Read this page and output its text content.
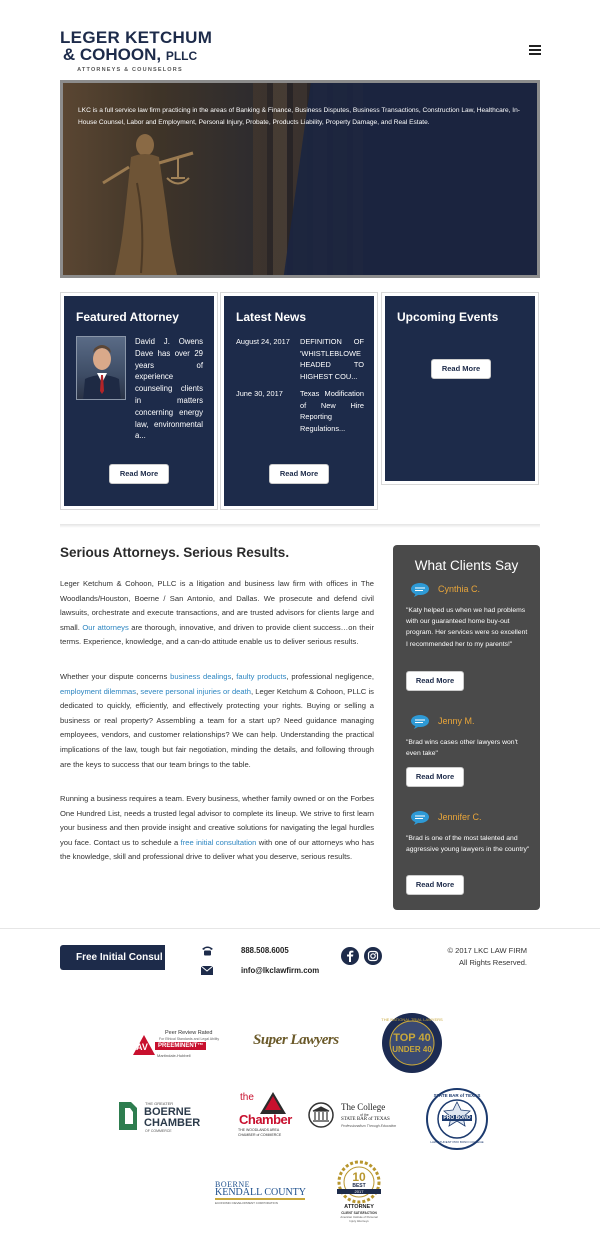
LEGER KETCHUM
& COHOON, PLLC
ATTORNEYS & COUNSELORS

LKC is a full service law firm practicing in the areas of Banking & Finance, Business Disputes, Business Transactions, Construction Law, Healthcare, In-House Counsel, Labor and Employment, Personal Injury, Probate, Products Liability, Property Damage, and Real Estate.

Featured Attorney
David J. Owens Dave has over 29 years of experience counseling clients in matters concerning energy law, environmental a...
Read More
Latest News
August 24, 2017 DEFINITION OF 'WHISTLEBLOWE HEADED TO HIGHEST COU...
June 30, 2017 Texas Modification of New Hire Reporting Regulations...
Read More
Upcoming Events
Read More
Serious Attorneys. Serious Results.

Leger Ketchum & Cohoon, PLLC is a litigation and business law firm with offices in The Woodlands/Houston, Boerne / San Antonio, and Dallas. We prosecute and defend civil lawsuits, orchestrate and execute transactions, and are trusted advisors for clients large and small. Our attorneys are thorough, innovative, and driven to provide client success…on their terms. Experience, knowledge, and a can-do attitude enable us to deliver serious results.

Whether your dispute concerns business dealings, faulty products, professional negligence, employment dilemmas, severe personal injuries or death, Leger Ketchum & Cohoon, PLLC is dedicated to quickly, efficiently, and effectively protecting your rights. Buying or selling a business or real property? Assembling a team for a start up? Need guidance managing employees, vendors, and customer relationships? We can help. Understanding the practical implications of the law, tough but fair negotiation, minding the details, and following through are the keys to success that our team brings to the table.

Running a business requires a team. Every business, whether family owned or on the Forbes One Hundred List, needs a trusted legal advisor to complete its lineup. We strive to first learn your business and then provide insight and creative solutions for navigating the legal hurdles you face. Contact us to schedule a free initial consultation with one of our attorneys who has the knowledge, skill and professional drive to deliver what you deserve, serious results.

What Clients Say
Cynthia C.
"Katy helped us when we had problems with our guaranteed home buy-out program. Her services were so excellent I recommended her to my parents!"
Read More
Jenny M.
"Brad wins cases other lawyers won't even take"
Read More
Jennifer C.
"Brad is one of the most talented and aggressive young lawyers in the country"
Read More
Free Initial Consul
888.508.6005
info@lkclawfirm.com
© 2017 LKC LAW FIRM
All Rights Reserved.
Peer Review Rated
For Ethical Standards and Legal Ability
AV	PREEMINENT™
Martindale-Hubbell
Super Lawyers
THE NATIONAL TRIAL LAWYERS
TOP 40
UNDER 40
THE GREATER
BOERNE
CHAMBER
OF COMMERCE
the
Chamber
THE WOODLANDS AREA CHAMBER of COMMERCE
The College
of the
STATE BAR of TEXAS
Professionalism Through Education
STATE BAR of TEXAS
PRO BONO
LAW STUDENT PRO BONO COLLEGE
BOERNE
KENDALL COUNTY
ECONOMIC DEVELOPMENT CORPORATION
10
BEST
2017
ATTORNEY
CLIENT SATISFACTION
American Institute of Personal Injury Attorneys
